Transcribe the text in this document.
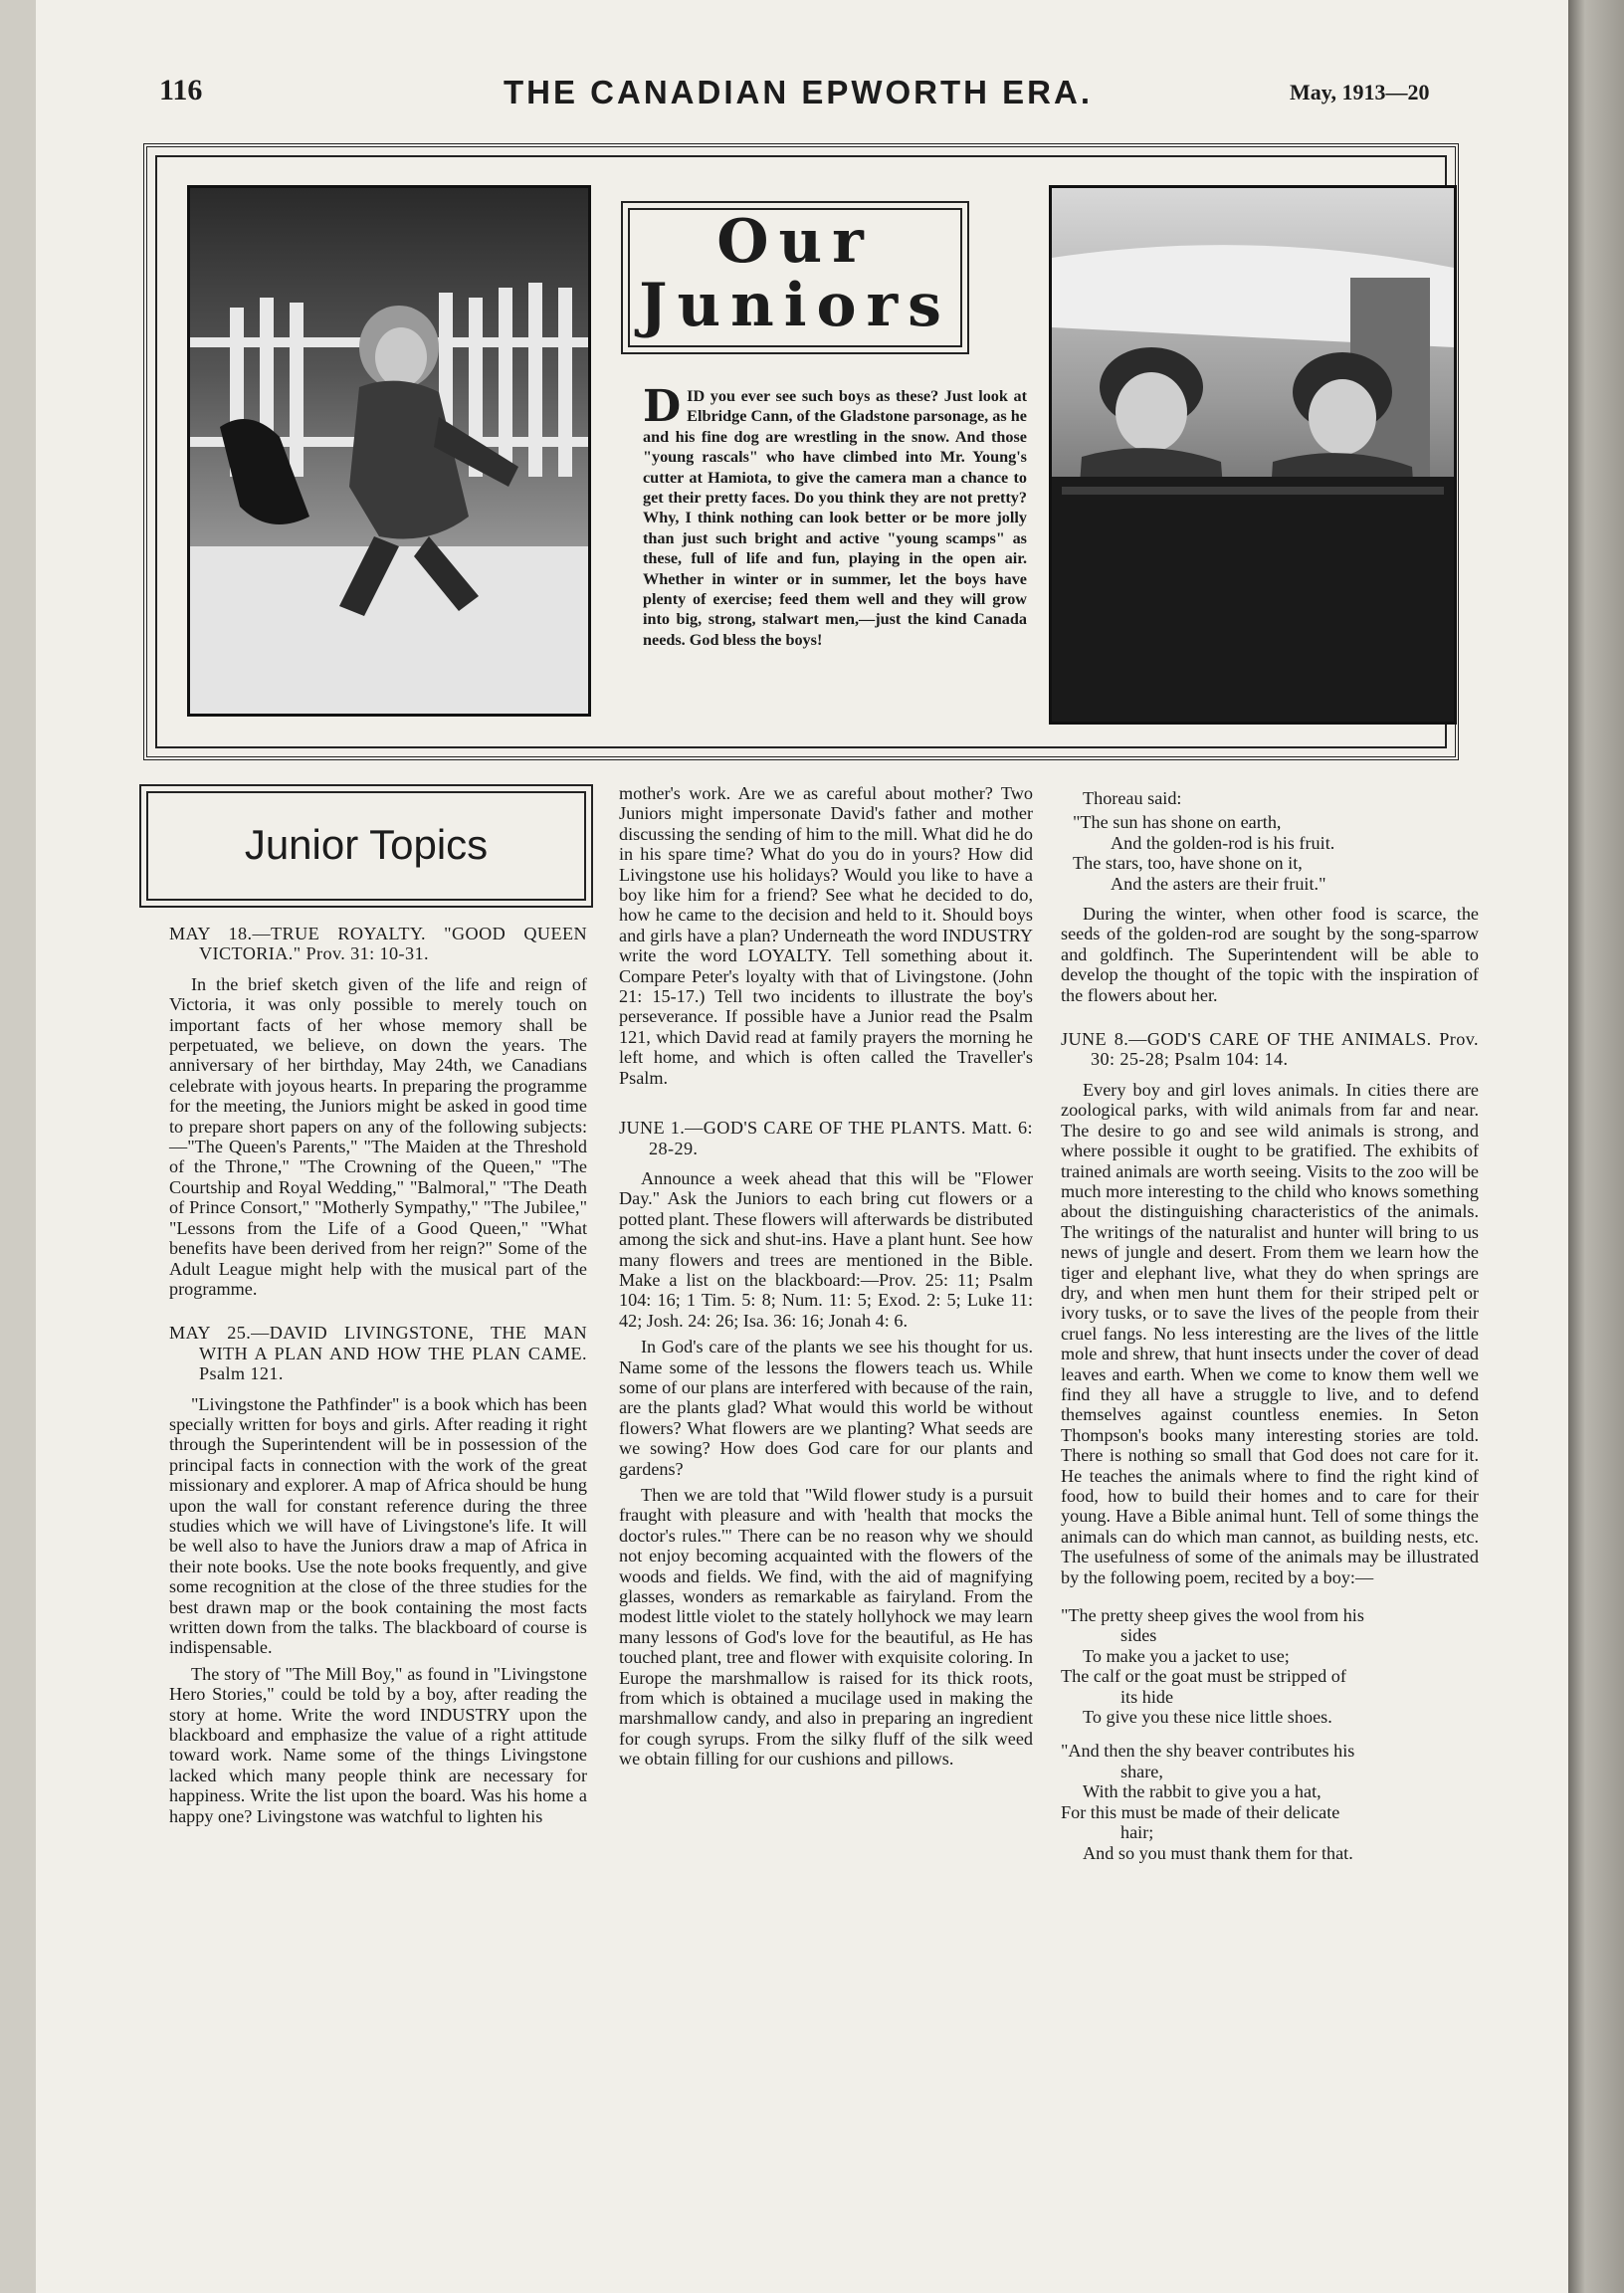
116	THE CANADIAN EPWORTH ERA.	May, 1913—20
Our
Juniors
DID you ever see such boys as these? Just look at Elbridge Cann, of the Gladstone parsonage, as he and his fine dog are wrestling in the snow. And those "young rascals" who have climbed into Mr. Young's cutter at Hamiota, to give the camera man a chance to get their pretty faces. Do you think they are not pretty? Why, I think nothing can look better or be more jolly than just such bright and active "young scamps" as these, full of life and fun, playing in the open air. Whether in winter or in summer, let the boys have plenty of exercise; feed them well and they will grow into big, strong, stalwart men,—just the kind Canada needs. God bless the boys!
Junior Topics
MAY 18.—TRUE ROYALTY. "GOOD QUEEN VICTORIA." Prov. 31: 10-31.

In the brief sketch given of the life and reign of Victoria, it was only possible to merely touch on important facts of her whose memory shall be perpetuated, we believe, on down the years. The anniversary of her birthday, May 24th, we Canadians celebrate with joyous hearts. In preparing the programme for the meeting, the Juniors might be asked in good time to prepare short papers on any of the following subjects:—"The Queen's Parents," "The Maiden at the Threshold of the Throne," "The Crowning of the Queen," "The Courtship and Royal Wedding," "Balmoral," "The Death of Prince Consort," "Motherly Sympathy," "The Jubilee," "Lessons from the Life of a Good Queen," "What benefits have been derived from her reign?" Some of the Adult League might help with the musical part of the programme.

MAY 25.—DAVID LIVINGSTONE, THE MAN WITH A PLAN AND HOW THE PLAN CAME. Psalm 121.

"Livingstone the Pathfinder" is a book which has been specially written for boys and girls. After reading it right through the Superintendent will be in possession of the principal facts in connection with the work of the great missionary and explorer. A map of Africa should be hung upon the wall for constant reference during the three studies which we will have of Livingstone's life. It will be well also to have the Juniors draw a map of Africa in their note books. Use the note books frequently, and give some recognition at the close of the three studies for the best drawn map or the book containing the most facts written down from the talks. The blackboard of course is indispensable.

The story of "The Mill Boy," as found in "Livingstone Hero Stories," could be told by a boy, after reading the story at home. Write the word INDUSTRY upon the blackboard and emphasize the value of a right attitude toward work. Name some of the things Livingstone lacked which many people think are necessary for happiness. Write the list upon the board. Was his home a happy one? Livingstone was watchful to lighten his

mother's work. Are we as careful about mother? Two Juniors might impersonate David's father and mother discussing the sending of him to the mill. What did he do in his spare time? What do you do in yours? How did Livingstone use his holidays? Would you like to have a boy like him for a friend? See what he decided to do, how he came to the decision and held to it. Should boys and girls have a plan? Underneath the word INDUSTRY write the word LOYALTY. Tell something about it. Compare Peter's loyalty with that of Livingstone. (John 21: 15-17.) Tell two incidents to illustrate the boy's perseverance. If possible have a Junior read the Psalm 121, which David read at family prayers the morning he left home, and which is often called the Traveller's Psalm.

JUNE 1.—GOD'S CARE OF THE PLANTS. Matt. 6: 28-29.

Announce a week ahead that this will be "Flower Day." Ask the Juniors to each bring cut flowers or a potted plant. These flowers will afterwards be distributed among the sick and shut-ins. Have a plant hunt. See how many flowers and trees are mentioned in the Bible. Make a list on the blackboard:—Prov. 25: 11; Psalm 104: 16; 1 Tim. 5: 8; Num. 11: 5; Exod. 2: 5; Luke 11: 42; Josh. 24: 26; Isa. 36: 16; Jonah 4: 6.

In God's care of the plants we see his thought for us. Name some of the lessons the flowers teach us. While some of our plans are interfered with because of the rain, are the plants glad? What would this world be without flowers? What flowers are we planting? What seeds are we sowing? How does God care for our plants and gardens?

Then we are told that "Wild flower study is a pursuit fraught with pleasure and with 'health that mocks the doctor's rules.'" There can be no reason why we should not enjoy becoming acquainted with the flowers of the woods and fields. We find, with the aid of magnifying glasses, wonders as remarkable as fairyland. From the modest little violet to the stately hollyhock we may learn many lessons of God's love for the beautiful, as He has touched plant, tree and flower with exquisite coloring. In Europe the marshmallow is raised for its thick roots, from which is obtained a mucilage used in making the marshmallow candy, and also in preparing an ingredient for cough syrups. From the silky fluff of the silk weed we obtain filling for our cushions and pillows.

Thoreau said:

"The sun has shone on earth,
And the golden-rod is his fruit.
The stars, too, have shone on it,
And the asters are their fruit."

During the winter, when other food is scarce, the seeds of the golden-rod are sought by the song-sparrow and goldfinch. The Superintendent will be able to develop the thought of the topic with the inspiration of the flowers about her.

JUNE 8.—GOD'S CARE OF THE ANIMALS. Prov. 30: 25-28; Psalm 104: 14.

Every boy and girl loves animals. In cities there are zoological parks, with wild animals from far and near. The desire to go and see wild animals is strong, and where possible it ought to be gratified. The exhibits of trained animals are worth seeing. Visits to the zoo will be much more interesting to the child who knows something about the distinguishing characteristics of the animals. The writings of the naturalist and hunter will bring to us news of jungle and desert. From them we learn how the tiger and elephant live, what they do when springs are dry, and when men hunt them for their striped pelt or ivory tusks, or to save the lives of the people from their cruel fangs. No less interesting are the lives of the little mole and shrew, that hunt insects under the cover of dead leaves and earth. When we come to know them well we find they all have a struggle to live, and to defend themselves against countless enemies. In Seton Thompson's books many interesting stories are told. There is nothing so small that God does not care for it. He teaches the animals where to find the right kind of food, how to build their homes and to care for their young. Have a Bible animal hunt. Tell of some things the animals can do which man cannot, as building nests, etc. The usefulness of some of the animals may be illustrated by the following poem, recited by a boy:—

"The pretty sheep gives the wool from his
sides
To make you a jacket to use;
The calf or the goat must be stripped of
its hide
To give you these nice little shoes.
"And then the shy beaver contributes his
share,
With the rabbit to give you a hat,
For this must be made of their delicate
hair;
And so you must thank them for that.
